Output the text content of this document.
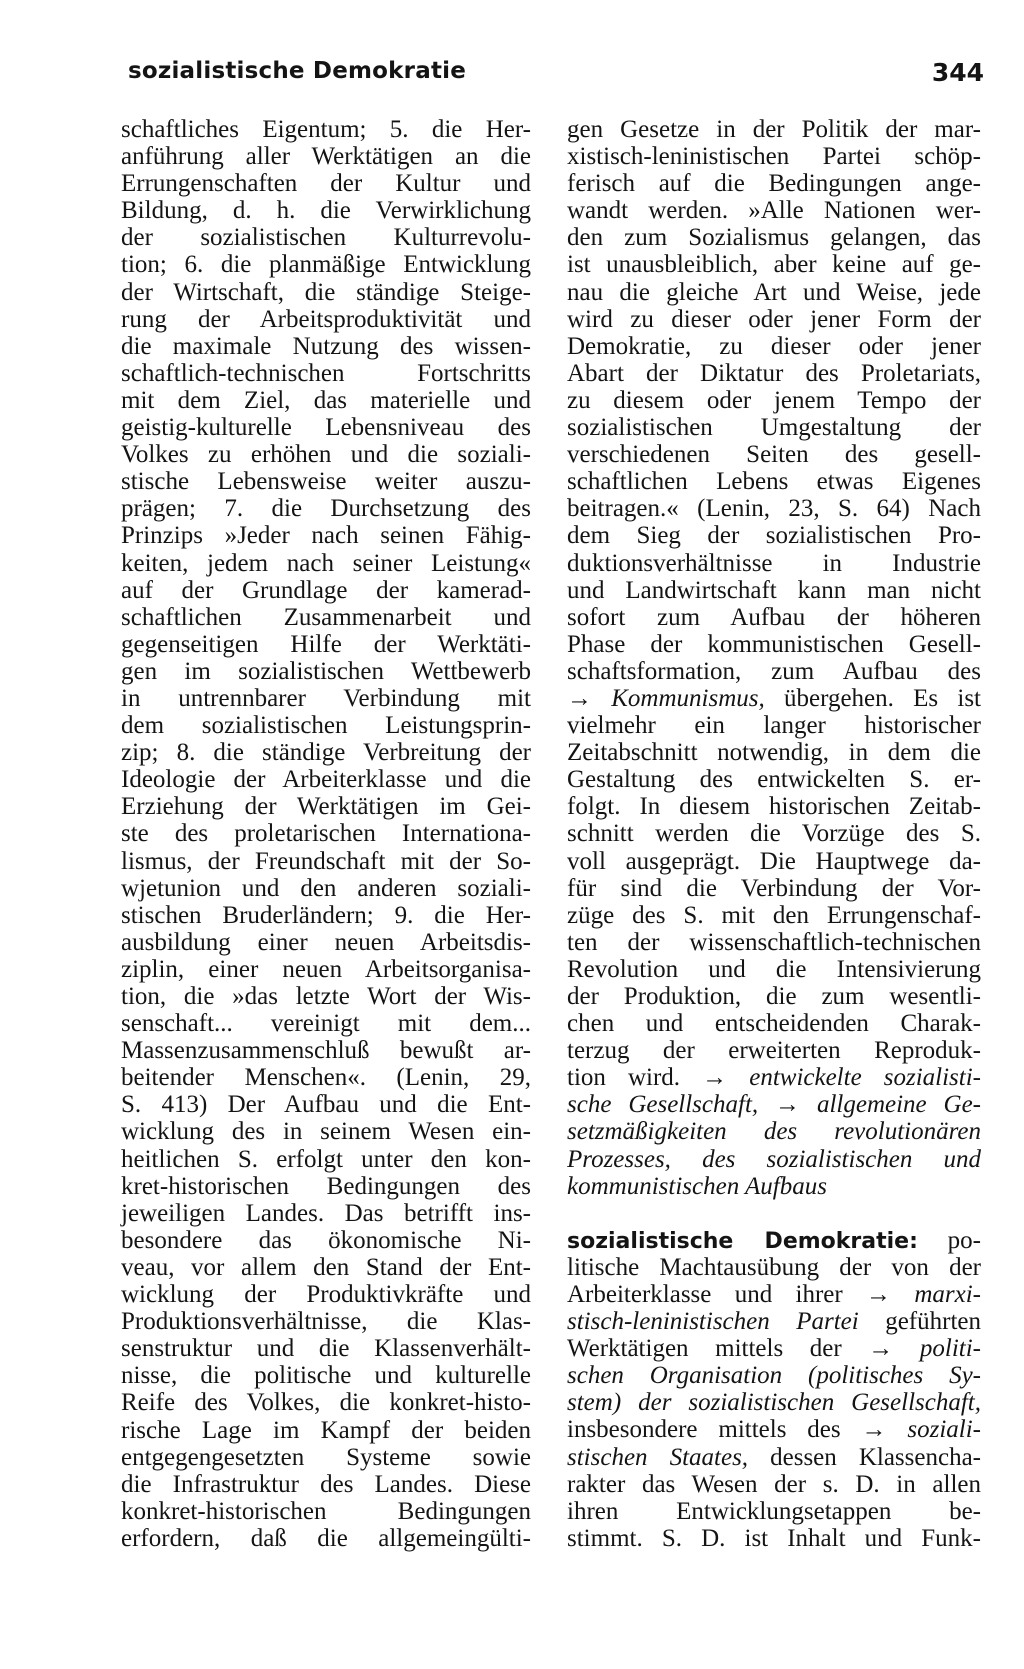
sozialistische Demokratie	344
schaftliches Eigentum; 5. die Her-
anführung aller Werktätigen an die
Errungenschaften der Kultur und
Bildung, d. h. die Verwirklichung
der sozialistischen Kulturrevolu-
tion; 6. die planmäßige Entwicklung
der Wirtschaft, die ständige Steige-
rung der Arbeitsproduktivität und
die maximale Nutzung des wissen-
schaftlich-technischen Fortschritts
mit dem Ziel, das materielle und
geistig-kulturelle Lebensniveau des
Volkes zu erhöhen und die soziali-
stische Lebensweise weiter auszu-
prägen; 7. die Durchsetzung des
Prinzips »Jeder nach seinen Fähig-
keiten, jedem nach seiner Leistung«
auf der Grundlage der kamerad-
schaftlichen Zusammenarbeit und
gegenseitigen Hilfe der Werktäti-
gen im sozialistischen Wettbewerb
in untrennbarer Verbindung mit
dem sozialistischen Leistungsprin-
zip; 8. die ständige Verbreitung der
Ideologie der Arbeiterklasse und die
Erziehung der Werktätigen im Gei-
ste des proletarischen Internationa-
lismus, der Freundschaft mit der So-
wjetunion und den anderen soziali-
stischen Bruderländern; 9. die Her-
ausbildung einer neuen Arbeitsdis-
ziplin, einer neuen Arbeitsorganisa-
tion, die »das letzte Wort der Wis-
senschaft... vereinigt mit dem...
Massenzusammenschluß bewußt ar-
beitender Menschen«. (Lenin, 29,
S. 413) Der Aufbau und die Ent-
wicklung des in seinem Wesen ein-
heitlichen S. erfolgt unter den kon-
kret-historischen Bedingungen des
jeweiligen Landes. Das betrifft ins-
besondere das ökonomische Ni-
veau, vor allem den Stand der Ent-
wicklung der Produktivkräfte und
Produktionsverhältnisse, die Klas-
senstruktur und die Klassenverhält-
nisse, die politische und kulturelle
Reife des Volkes, die konkret-histo-
rische Lage im Kampf der beiden
entgegengesetzten Systeme sowie
die Infrastruktur des Landes. Diese
konkret-historischen Bedingungen
erfordern, daß die allgemeingülti-
gen Gesetze in der Politik der mar-
xistisch-leninistischen Partei schöp-
ferisch auf die Bedingungen ange-
wandt werden. »Alle Nationen wer-
den zum Sozialismus gelangen, das
ist unausbleiblich, aber keine auf ge-
nau die gleiche Art und Weise, jede
wird zu dieser oder jener Form der
Demokratie, zu dieser oder jener
Abart der Diktatur des Proletariats,
zu diesem oder jenem Tempo der
sozialistischen Umgestaltung der
verschiedenen Seiten des gesell-
schaftlichen Lebens etwas Eigenes
beitragen.« (Lenin, 23, S. 64) Nach
dem Sieg der sozialistischen Pro-
duktionsverhältnisse in Industrie
und Landwirtschaft kann man nicht
sofort zum Aufbau der höheren
Phase der kommunistischen Gesell-
schaftsformation, zum Aufbau des
→ Kommunismus, übergehen. Es ist
vielmehr ein langer historischer
Zeitabschnitt notwendig, in dem die
Gestaltung des entwickelten S. er-
folgt. In diesem historischen Zeitab-
schnitt werden die Vorzüge des S.
voll ausgeprägt. Die Hauptwege da-
für sind die Verbindung der Vor-
züge des S. mit den Errungenschaf-
ten der wissenschaftlich-technischen
Revolution und die Intensivierung
der Produktion, die zum wesentli-
chen und entscheidenden Charak-
terzug der erweiterten Reproduk-
tion wird. → entwickelte sozialisti-
sche Gesellschaft, → allgemeine Ge-
setzmäßigkeiten des revolutionären
Prozesses, des sozialistischen und
kommunistischen Aufbaus
sozialistische Demokratie: po-
litische Machtausübung der von der
Arbeiterklasse und ihrer → marxi-
stisch-leninistischen Partei geführten
Werktätigen mittels der → politi-
schen Organisation (politisches Sy-
stem) der sozialistischen Gesellschaft,
insbesondere mittels des → soziali-
stischen Staates, dessen Klassencha-
rakter das Wesen der s. D. in allen
ihren Entwicklungsetappen be-
stimmt. S. D. ist Inhalt und Funk-
